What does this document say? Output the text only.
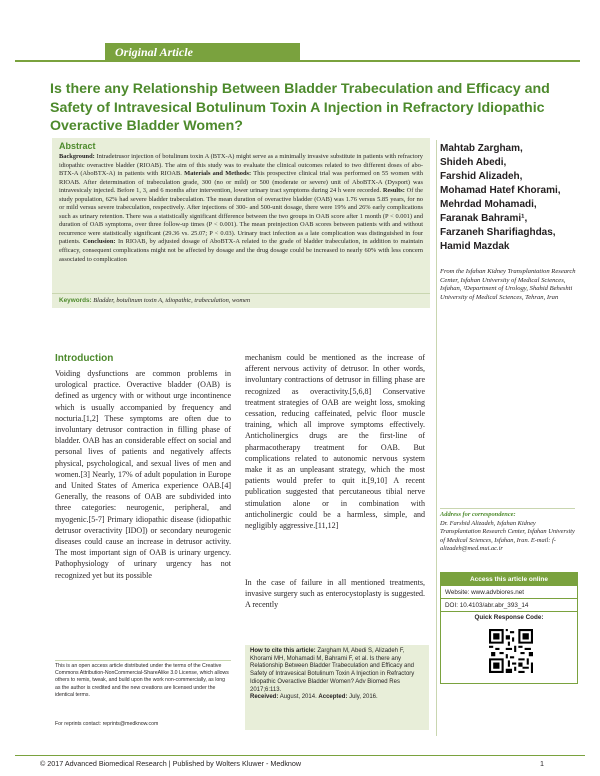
Original Article
Is there any Relationship Between Bladder Trabeculation and Efficacy and Safety of Intravesical Botulinum Toxin A Injection in Refractory Idiopathic Overactive Bladder Women?
Abstract

Background: Intradetrusor injection of botulinum toxin A (BTX-A) might serve as a minimally invasive substitute in patients with refractory idiopathic overactive bladder (RIOAB). The aim of this study was to evaluate the clinical outcomes related to two different doses of abo-BTX-A (AboBTX-A) in patients with RIOAB. Materials and Methods: This prospective clinical trial was performed on 55 women with RIOAB. After determination of trabeculation grade, 300 (no or mild) or 500 (moderate or severe) unit of AboBTX-A (Dysport) was intravesicaly injected. Before 1, 3, and 6 months after intervention, lower urinary tract symptoms during 24 h were recorded. Results: Of the study population, 62% had severe bladder trabeculation. The mean duration of overactive bladder (OAB) was 1.76 versus 5.85 years, for no or mild versus severe trabeculation, respectively. After injections of 300- and 500-unit dosage, there were 19% and 26% early complications such as urinary retention. There was a statistically significant difference between the two groups in OAB score after 1 month (P < 0.001) and duration of OAB symptoms, over three follow-up times (P < 0.001). The mean preinjection OAB scores between patients with and without recurrence were statistically significant (29.36 vs. 25.07; P < 0.03). Urinary tract infection as a late complication was distinguished in four patients. Conclusion: In RIOAB, by adjusted dosage of AboBTX-A related to the grade of bladder trabeculation, in addition to maintain efficacy, consequent complications might not be affected by dosage and the drug dosage could be increased to nearly 60% with less concern associated to complication

Keywords: Bladder, botulinum toxin A, idiopathic, trabeculation, women
Mahtab Zargham,
Shideh Abedi,
Farshid Alizadeh,
Mohamad Hatef Khorami,
Mehrdad Mohamadi,
Faranak Bahrami¹,
Farzaneh Sharifiaghdas,
Hamid Mazdak
From the Isfahan Kidney Transplantation Research Center, Isfahan University of Medical Sciences, Isfahan, ¹Department of Urology, Shahid Beheshti University of Medical Sciences, Tehran, Iran
Introduction
Voiding dysfunctions are common problems in urological practice. Overactive bladder (OAB) is defined as urgency with or without urge incontinence which is usually accompanied by frequency and nocturia.[1,2] These symptoms are often due to involuntary detrusor contraction in filling phase of bladder. OAB has an considerable effect on social and personal lives of patients and negatively affects physical, psychological, and sexual lives of men and women.[3] Nearly, 17% of adult population in Europe and United States of America experience OAB.[4] Generally, the reasons of OAB are subdivided into three categories: neurogenic, peripheral, and myogenic.[5-7] Primary idiopathic disease (idiopathic detrusor overactivity [IDO]) or secondary neurogenic diseases could cause an increase in detrusor activity. The most important sign of OAB is urinary urgency. Pathophysiology of urinary urgency has not recognized yet but its possible
mechanism could be mentioned as the increase of afferent nervous activity of detrusor. In other words, involuntary contractions of detrusor in filling phase are recognized as overactivity.[5,6,8] Conservative treatment strategies of OAB are weight loss, smoking cessation, reducing caffeinated, pelvic floor muscle training, which all improve symptoms effectively. Anticholinergics drugs are the first-line of pharmacotherapy treatment for OAB. But complications related to autonomic nervous system make it as an unpleasant strategy, which the most patients would prefer to quit it.[9,10] A recent publication suggested that percutaneous tibial nerve stimulation alone or in combination with anticholinergic could be a harmless, simple, and negligibly aggressive.[11,12]
In the case of failure in all mentioned treatments, invasive surgery such as enterocystoplasty is suggested. A recently
Address for correspondence:
Dr. Farshid Alizadeh, Isfahan Kidney Transplantation Research Center, Isfahan University of Medical Sciences, Isfahan, Iran. E-mail: f-alizadeh@med.mui.ac.ir
Access this article online
Website: www.advbiores.net
DOI: 10.4103/abr.abr_393_14
Quick Response Code:
How to cite this article: Zargham M, Abedi S, Alizadeh F, Khorami MH, Mohamadi M, Bahrami F, et al. Is there any Relationship Between Bladder Trabeculation and Efficacy and Safety of Intravesical Botulinum Toxin A Injection in Refractory Idiopathic Overactive Bladder Women? Adv Biomed Res 2017;6:113.
Received: August, 2014. Accepted: July, 2016.
This is an open access article distributed under the terms of the Creative Commons Attribution-NonCommercial-ShareAlike 3.0 License, which allows others to remix, tweak, and build upon the work non-commercially, as long as the author is credited and the new creations are licensed under the identical terms.
For reprints contact: reprints@medknow.com
© 2017 Advanced Biomedical Research | Published by Wolters Kluwer - Medknow	1
